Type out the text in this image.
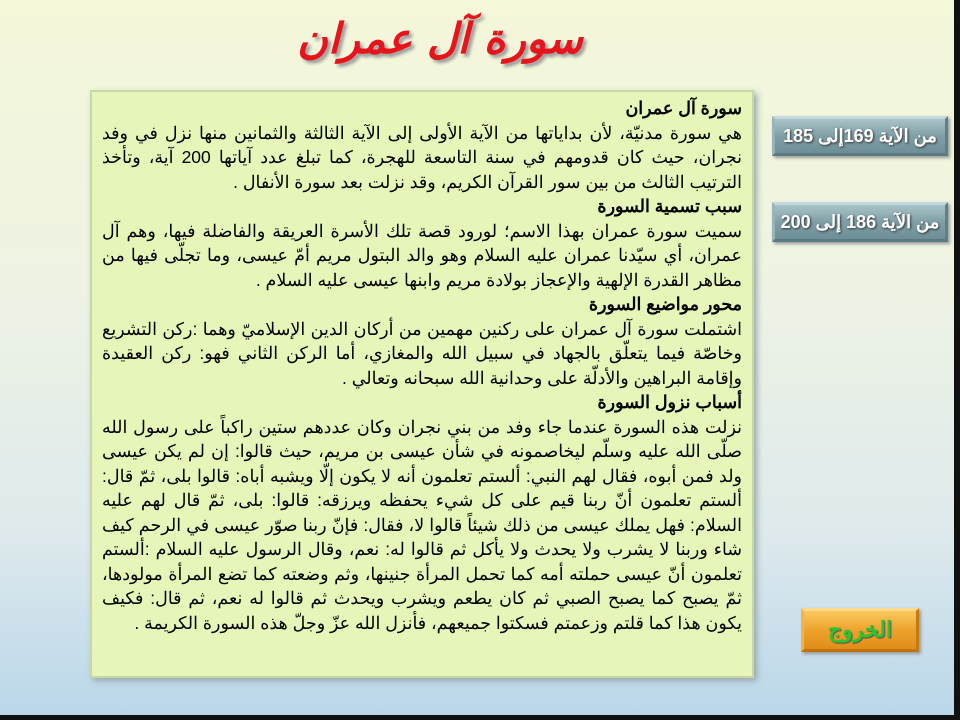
سورة آل عمران
سورة آل عمران

هي سورة مدنيّة، لأن بداياتها من الآية الأولى إلى الآية الثالثة والثمانين منها نزل في وفد نجران، حيث كان قدومهم في سنة التاسعة للهجرة، كما تبلغ عدد آياتها 200 آية، وتأخذ الترتيب الثالث من بين سور القرآن الكريم، وقد نزلت بعد سورة الأنفال .

سبب تسمية السورة

سميت سورة عمران بهذا الاسم؛ لورود قصة تلك الأسرة العريقة والفاضلة فيها، وهم آل عمران، أي سيّدنا عمران عليه السلام وهو والد البتول مريم أمّ عيسى، وما تجلّى فيها من مظاهر القدرة الإلهية والإعجاز بولادة مريم وابنها عيسى عليه السلام .

محور مواضيع السورة

اشتملت سورة آل عمران على ركنين مهمين من أركان الدين الإسلاميّ وهما :ركن التشريع وخاصّة فيما يتعلّق بالجهاد في سبيل الله والمغازي، أما الركن الثاني فهو: ركن العقيدة وإقامة البراهين والأدلّة على وحدانية الله سبحانه وتعالي .

أسباب نزول السورة

نزلت هذه السورة عندما جاء وفد من بني نجران وكان عددهم ستين راكباً على رسول الله صلّى الله عليه وسلّم ليخاصمونه في شأن عيسى بن مريم، حيث قالوا: إن لم يكن عيسى ولد فمن أبوه، فقال لهم النبي: ألستم تعلمون أنه لا يكون إلّا ويشبه أباه: قالوا بلى، ثمّ قال: ألستم تعلمون أنّ ربنا قيم على كل شيء يحفظه ويرزقه: قالوا: بلى، ثمّ قال لهم عليه السلام: فهل يملك عيسى من ذلك شيئاً قالوا لا، فقال: فإنّ ربنا صوّر عيسى في الرحم كيف شاء وربنا لا يشرب ولا يحدث ولا يأكل ثم قالوا له: نعم، وقال الرسول عليه السلام :ألستم تعلمون أنّ عيسى حملته أمه كما تحمل المرأة جنينها، وثم وضعته كما تضع المرأة مولودها، ثمّ يصبح كما يصبح الصبي ثم كان يطعم ويشرب ويحدث ثم قالوا له نعم، ثم قال: فكيف يكون هذا كما قلتم وزعمتم فسكتوا جميعهم، فأنزل الله عزّ وجلّ هذه السورة الكريمة .

من الآية 169إلى 185
من الآية 186 إلى 200
الخروج
